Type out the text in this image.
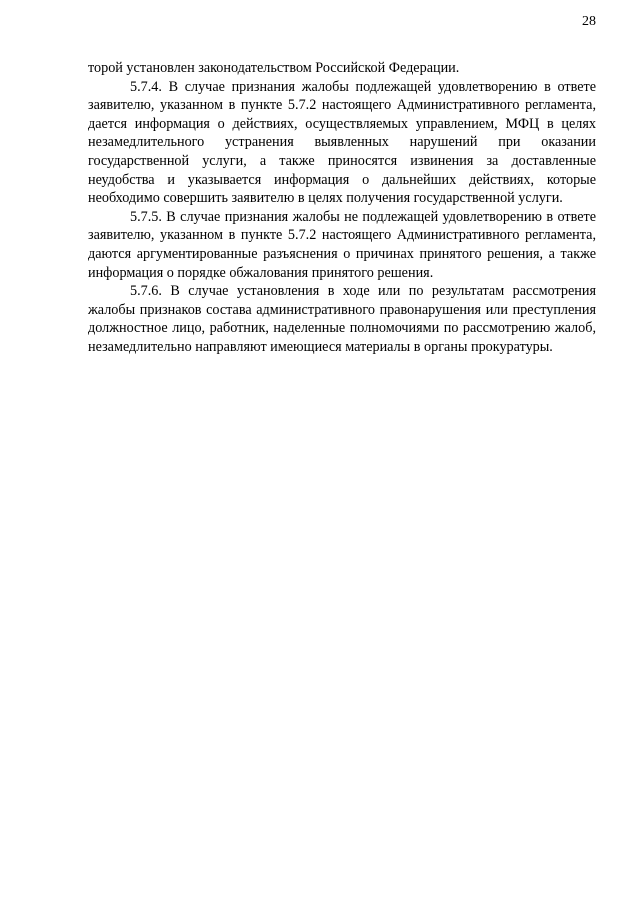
28

торой установлен законодательством Российской Федерации.

5.7.4. В случае признания жалобы подлежащей удовлетворению в ответе заявителю, указанном в пункте 5.7.2 настоящего Административного регламента, дается информация о действиях, осуществляемых управлением, МФЦ в целях незамедлительного устранения выявленных нарушений при оказании государственной услуги, а также приносятся извинения за доставленные неудобства и указывается информация о дальнейших действиях, которые необходимо совершить заявителю в целях получения государственной услуги.

5.7.5. В случае признания жалобы не подлежащей удовлетворению в ответе заявителю, указанном в пункте 5.7.2 настоящего Административного регламента, даются аргументированные разъяснения о причинах принятого решения, а также информация о порядке обжалования принятого решения.

5.7.6. В случае установления в ходе или по результатам рассмотрения жалобы признаков состава административного правонарушения или преступления должностное лицо, работник, наделенные полномочиями по рассмотрению жалоб, незамедлительно направляют имеющиеся материалы в органы прокуратуры.
